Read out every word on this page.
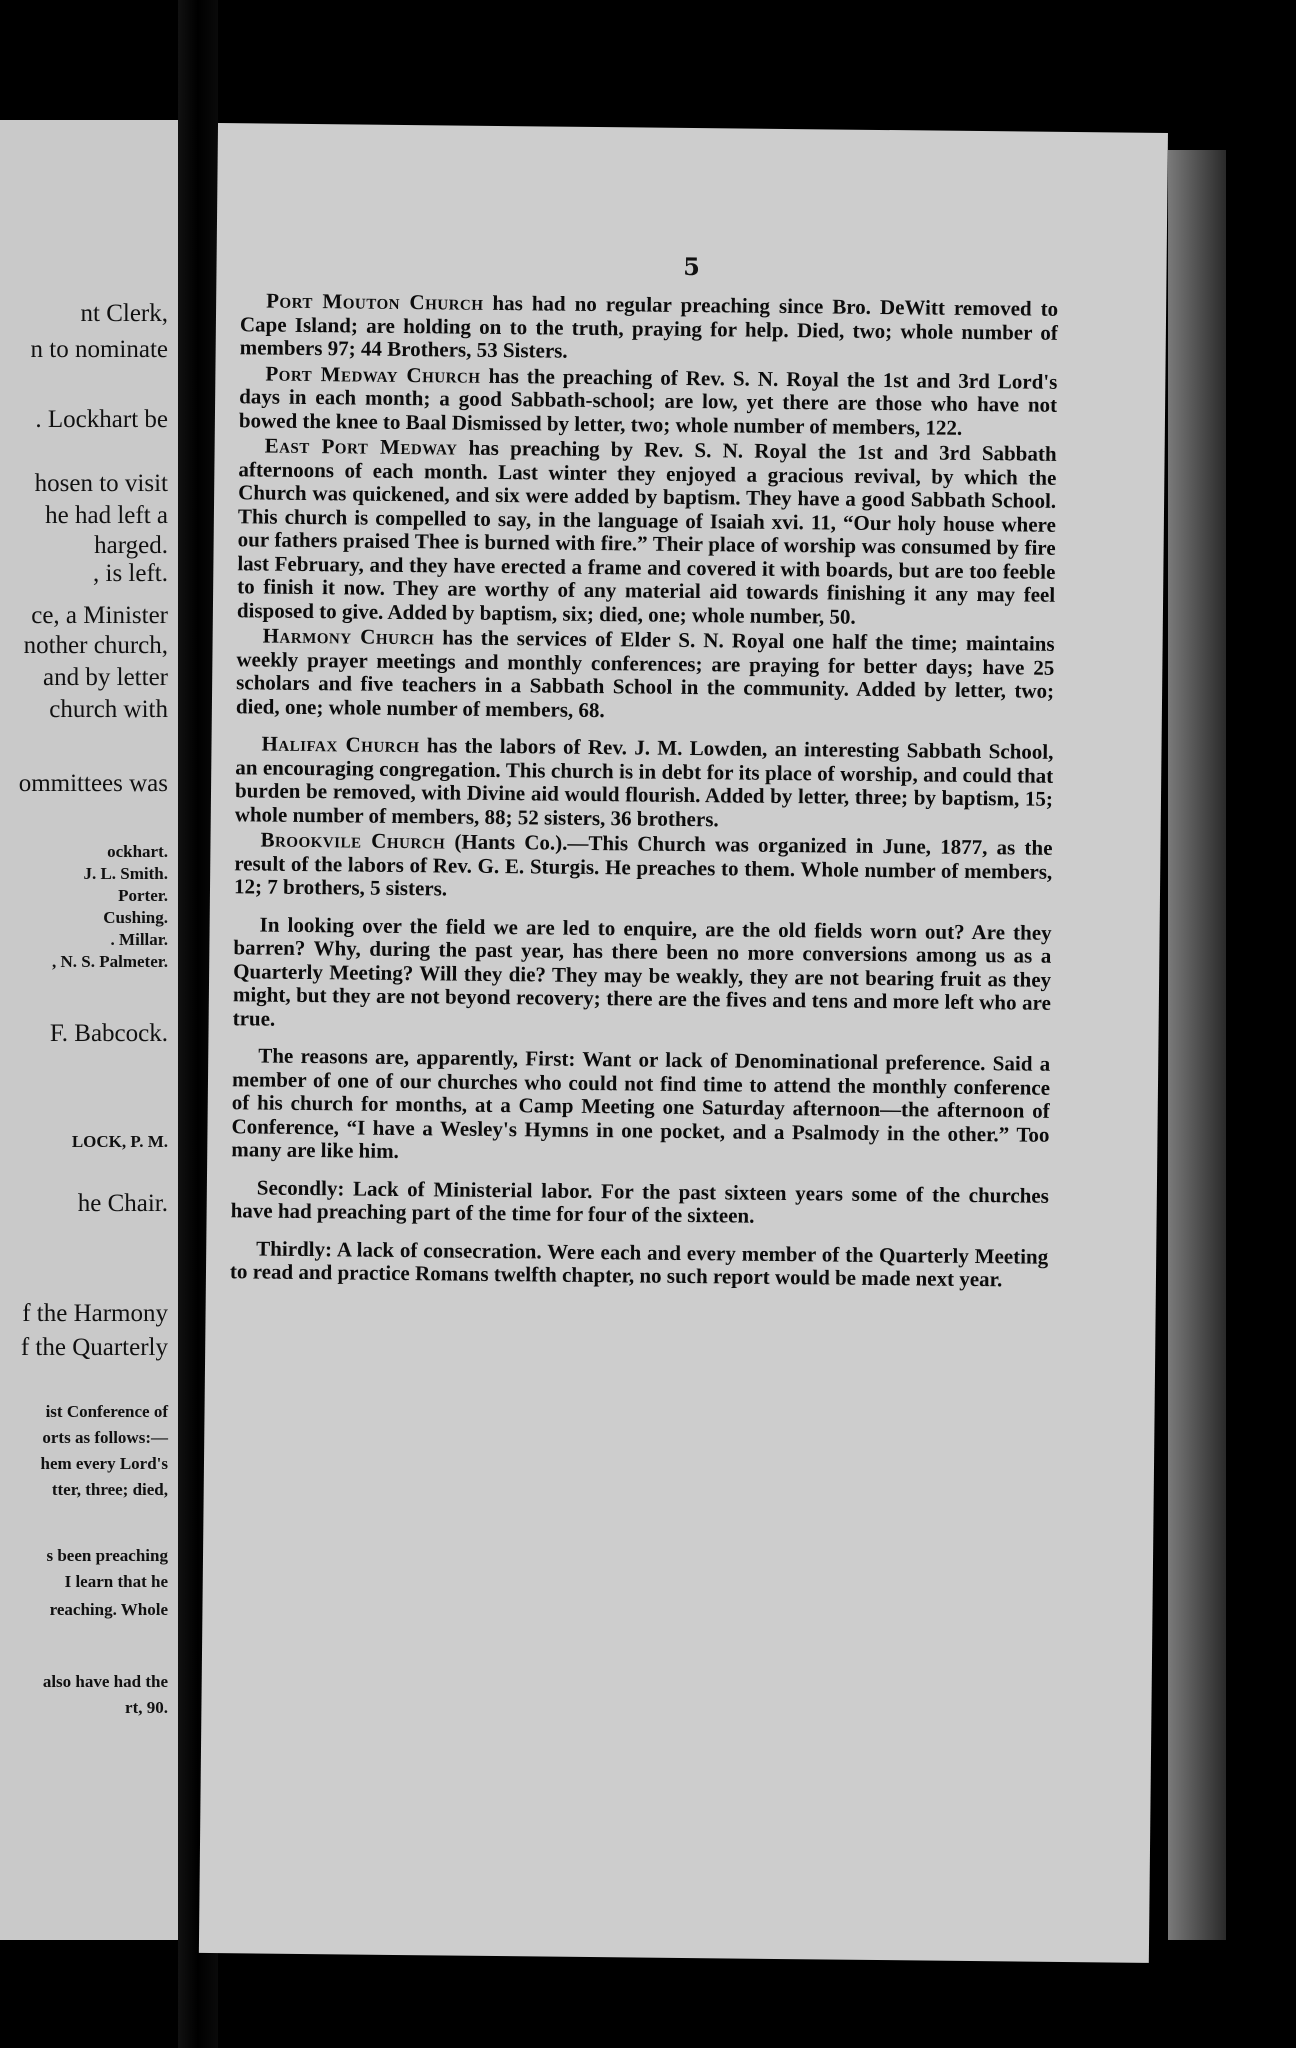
nt Clerk,
n to nominate
. Lockhart be
hosen to visit
he had left a
harged.
, is left.
ce, a Minister
nother church,
and by letter
church with
ommittees was
ockhart.
J. L. Smith.
Porter.
Cushing.
. Millar.
, N. S. Palmeter.
F. Babcock.
LOCK, P. M.
he Chair.
f the Harmony
f the Quarterly
ist Conference of
orts as follows:—
hem every Lord's
tter, three; died,
s been preaching
I learn that he
reaching. Whole
also have had the
rt, 90.
5

Port Mouton Church has had no regular preaching since Bro. DeWitt removed to Cape Island; are holding on to the truth, praying for help. Died, two; whole number of members 97; 44 Brothers, 53 Sisters.

Port Medway Church has the preaching of Rev. S. N. Royal the 1st and 3rd Lord's days in each month; a good Sabbath-school; are low, yet there are those who have not bowed the knee to Baal Dismissed by letter, two; whole number of members, 122.

East Port Medway has preaching by Rev. S. N. Royal the 1st and 3rd Sabbath afternoons of each month. Last winter they enjoyed a gracious revival, by which the Church was quickened, and six were added by baptism. They have a good Sabbath School. This church is compelled to say, in the language of Isaiah xvi. 11, “Our holy house where our fathers praised Thee is burned with fire.” Their place of worship was consumed by fire last February, and they have erected a frame and covered it with boards, but are too feeble to finish it now. They are worthy of any material aid towards finishing it any may feel disposed to give. Added by baptism, six; died, one; whole number, 50.

Harmony Church has the services of Elder S. N. Royal one half the time; maintains weekly prayer meetings and monthly conferences; are praying for better days; have 25 scholars and five teachers in a Sabbath School in the community. Added by letter, two; died, one; whole number of members, 68.

Halifax Church has the labors of Rev. J. M. Lowden, an interesting Sabbath School, an encouraging congregation. This church is in debt for its place of worship, and could that burden be removed, with Divine aid would flourish. Added by letter, three; by baptism, 15; whole number of members, 88; 52 sisters, 36 brothers.

Brookvile Church (Hants Co.).—This Church was organized in June, 1877, as the result of the labors of Rev. G. E. Sturgis. He preaches to them. Whole number of members, 12; 7 brothers, 5 sisters.

In looking over the field we are led to enquire, are the old fields worn out? Are they barren? Why, during the past year, has there been no more conversions among us as a Quarterly Meeting? Will they die? They may be weakly, they are not bearing fruit as they might, but they are not beyond recovery; there are the fives and tens and more left who are true.

The reasons are, apparently, First: Want or lack of Denominational preference. Said a member of one of our churches who could not find time to attend the monthly conference of his church for months, at a Camp Meeting one Saturday afternoon—the afternoon of Conference, “I have a Wesley's Hymns in one pocket, and a Psalmody in the other.” Too many are like him.

Secondly: Lack of Ministerial labor. For the past sixteen years some of the churches have had preaching part of the time for four of the sixteen.

Thirdly: A lack of consecration. Were each and every member of the Quarterly Meeting to read and practice Romans twelfth chapter, no such report would be made next year.
